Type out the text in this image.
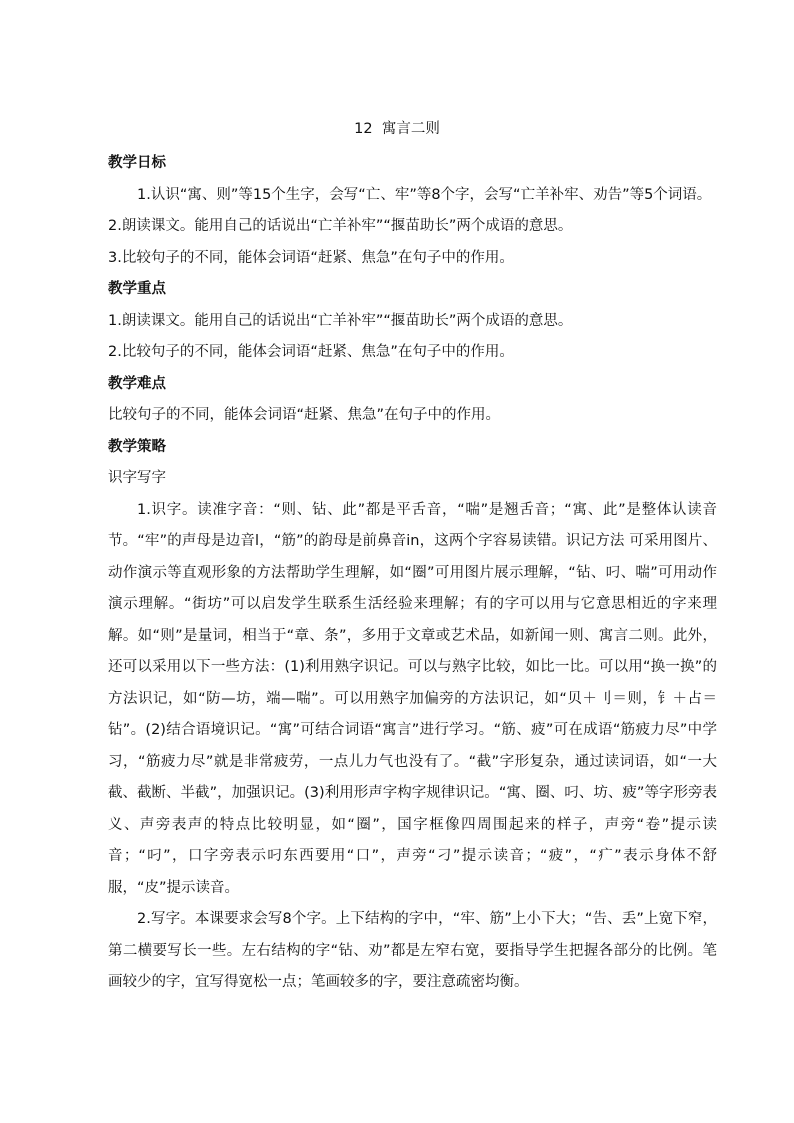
12  寓言二则

教学日标

1.认识“寓、则”等15个生字，会写“亡、牢”等8个字，会写“亡羊补牢、劝告”等5个词语。

2.朗读课文。能用自己的话说出“亡羊补牢”“揠苗助长”两个成语的意思。

3.比较句子的不同，能体会词语“赶紧、焦急”在句子中的作用。

教学重点

1.朗读课文。能用自己的话说出“亡羊补牢”“揠苗助长”两个成语的意思。

2.比较句子的不同，能体会词语“赶紧、焦急”在句子中的作用。

教学难点

比较句子的不同，能体会词语“赶紧、焦急”在句子中的作用。

教学策略

识字写字

1.识字。读准字音：“则、钻、此”都是平舌音，“喘”是翘舌音；“寓、此”是整体认读音节。“牢”的声母是边音l，“筋”的韵母是前鼻音in，这两个字容易读错。识记方法 可采用图片、动作演示等直观形象的方法帮助学生理解，如“圈”可用图片展示理解，“钻、叼、喘”可用动作演示理解。“街坊”可以启发学生联系生活经验来理解；有的字可以用与它意思相近的字来理解。如“则”是量词，相当于“章、条”，多用于文章或艺术品，如新闻一则、寓言二则。此外，还可以采用以下一些方法：(1)利用熟字识记。可以与熟字比较，如比一比。可以用“换一换”的方法识记，如“防—坊，端—喘”。可以用熟字加偏旁的方法识记，如“贝＋刂＝则，钅＋占＝钻”。(2)结合语境识记。“寓”可结合词语“寓言”进行学习。“筋、疲”可在成语“筋疲力尽”中学习，“筋疲力尽”就是非常疲劳，一点儿力气也没有了。“截”字形复杂，通过读词语，如“一大截、截断、半截”，加强识记。(3)利用形声字构字规律识记。“寓、圈、叼、坊、疲”等字形旁表义、声旁表声的特点比较明显，如“圈”，国字框像四周围起来的样子，声旁“卷”提示读音；“叼”，口字旁表示叼东西要用“口”，声旁“刁”提示读音；“疲”，“疒”表示身体不舒服，“皮”提示读音。

2.写字。本课要求会写8个字。上下结构的字中，“牢、筋”上小下大；“告、丢”上宽下窄，第二横要写长一些。左右结构的字“钻、劝”都是左窄右宽，要指导学生把握各部分的比例。笔画较少的字，宜写得宽松一点；笔画较多的字，要注意疏密均衡。
